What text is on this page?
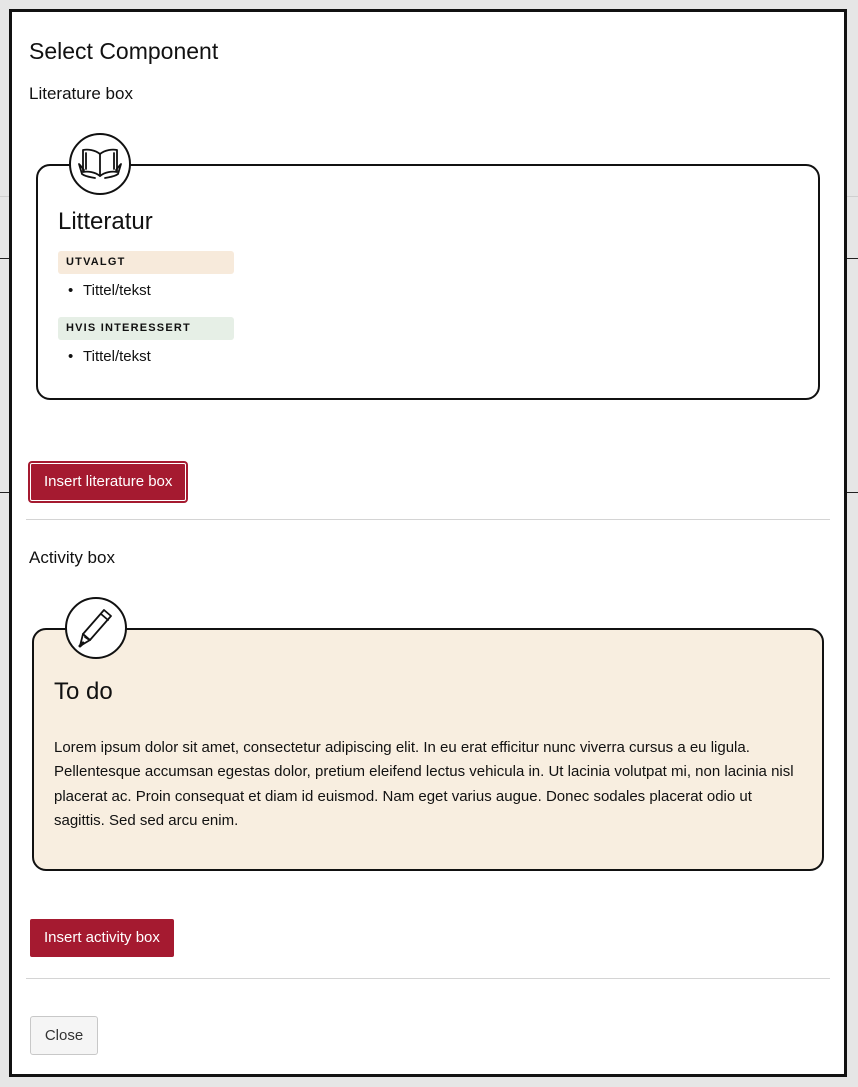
Select Component
Literature box
Litteratur
UTVALGT
• Tittel/tekst
HVIS INTERESSERT
• Tittel/tekst
Insert literature box
Activity box
To do

Lorem ipsum dolor sit amet, consectetur adipiscing elit. In eu erat efficitur nunc viverra cursus a eu ligula. Pellentesque accumsan egestas dolor, pretium eleifend lectus vehicula in. Ut lacinia volutpat mi, non lacinia nisl placerat ac. Proin consequat et diam id euismod. Nam eget varius augue. Donec sodales placerat odio ut sagittis. Sed sed arcu enim.

Insert activity box
Close
